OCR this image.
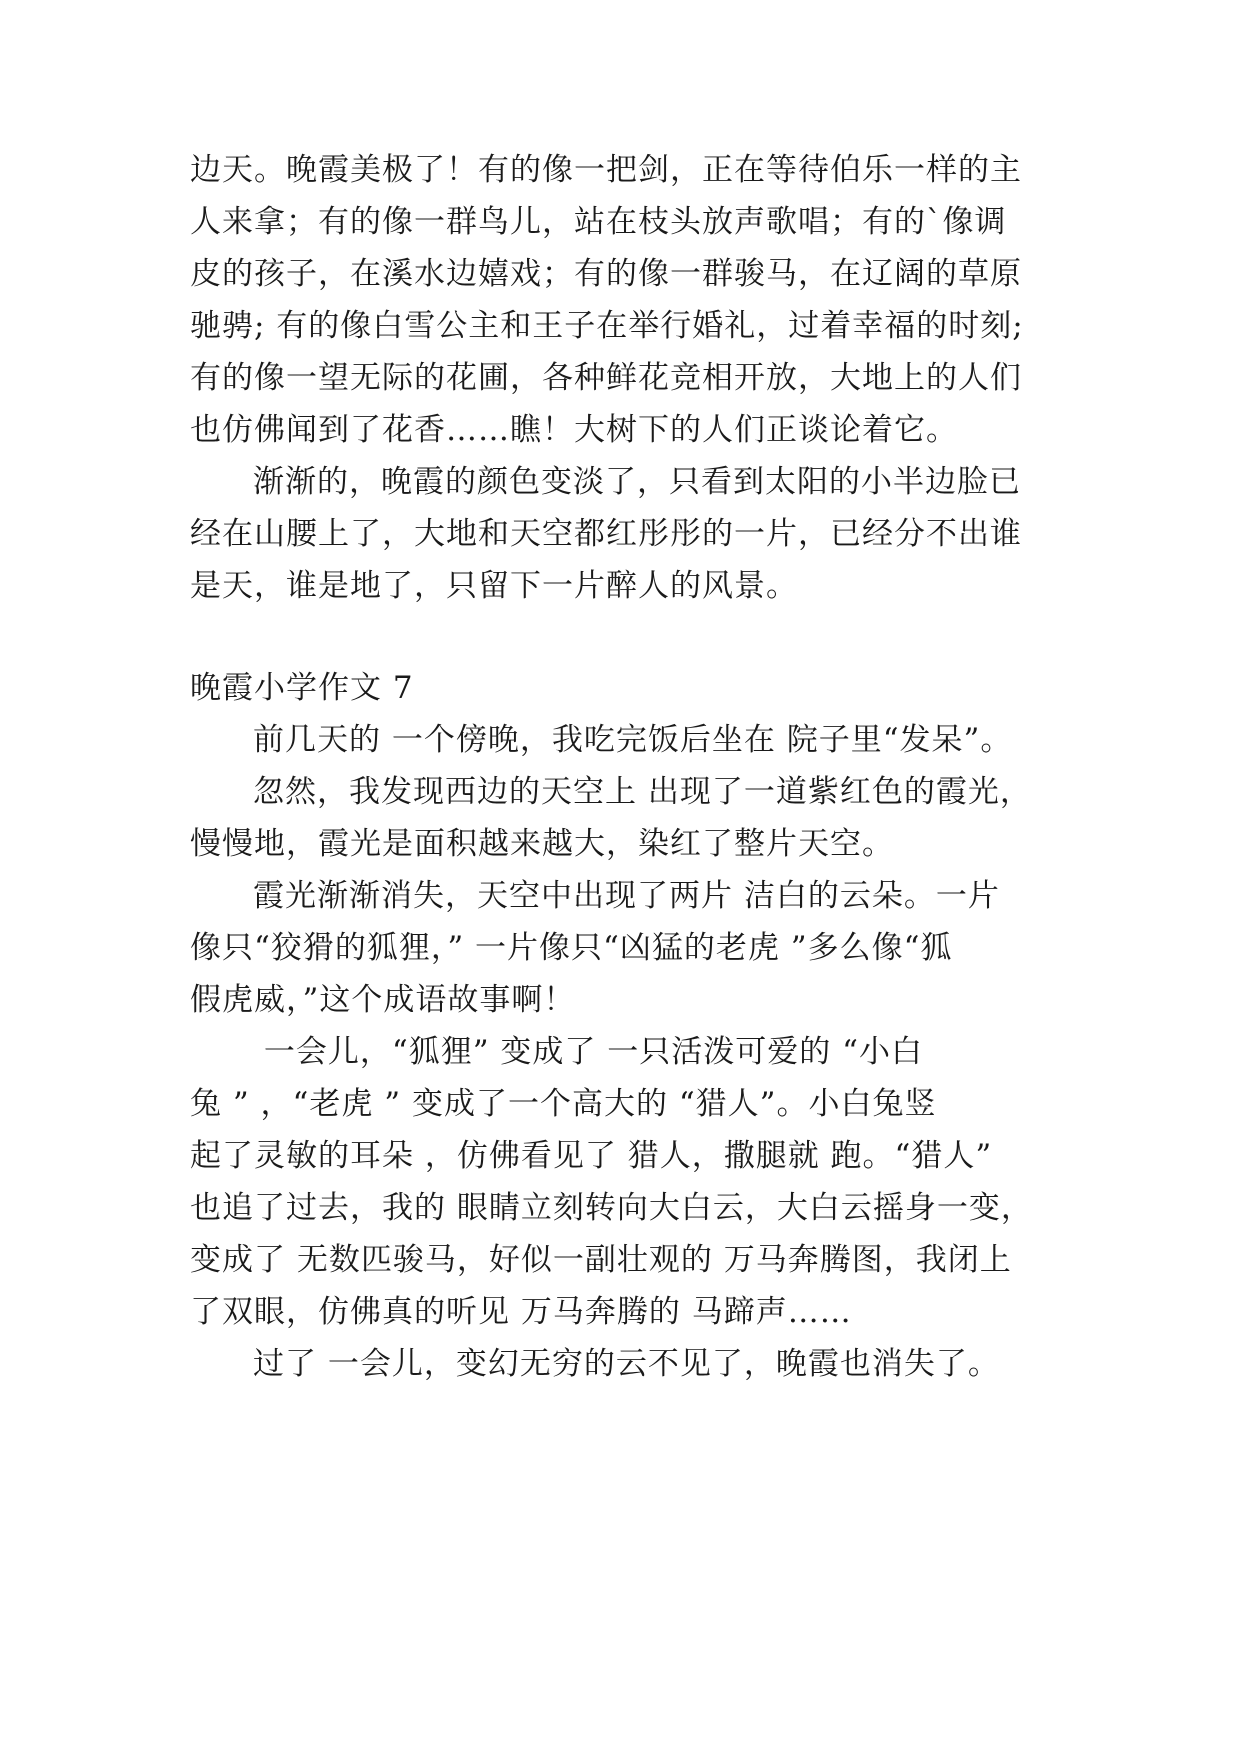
边天。晚霞美极了！有的像一把剑，正在等待伯乐一样的主
人来拿；有的像一群鸟儿，站在枝头放声歌唱；有的`像调
皮的孩子，在溪水边嬉戏；有的像一群骏马，在辽阔的草原
驰骋; 有的像白雪公主和王子在举行婚礼，过着幸福的时刻;
有的像一望无际的花圃，各种鲜花竞相开放，大地上的人们
也仿佛闻到了花香……瞧！大树下的人们正谈论着它。
渐渐的，晚霞的颜色变淡了，只看到太阳的小半边脸已
经在山腰上了，大地和天空都红彤彤的一片，已经分不出谁
是天，谁是地了，只留下一片醉人的风景。
晚霞小学作文 7
前几天的 一个傍晚，我吃完饭后坐在 院子里“发呆”。
忽然，我发现西边的天空上 出现了一道紫红色的霞光，
慢慢地，霞光是面积越来越大，染红了整片天空。
霞光渐渐消失，天空中出现了两片 洁白的云朵。一片
像只“狡猾的狐狸，” 一片像只“凶猛的老虎 ”多么像“狐
假虎威，”这个成语故事啊！
一会儿，“狐狸” 变成了 一只活泼可爱的 “小白
兔 ” ，“老虎 ” 变成了一个高大的 “猎人”。小白兔竖
起了灵敏的耳朵 ，仿佛看见了 猎人，撒腿就 跑。“猎人”
也追了过去，我的 眼睛立刻转向大白云，大白云摇身一变，
变成了 无数匹骏马，好似一副壮观的 万马奔腾图，我闭上
了双眼，仿佛真的听见 万马奔腾的 马蹄声……
过了 一会儿，变幻无穷的云不见了，晚霞也消失了。
